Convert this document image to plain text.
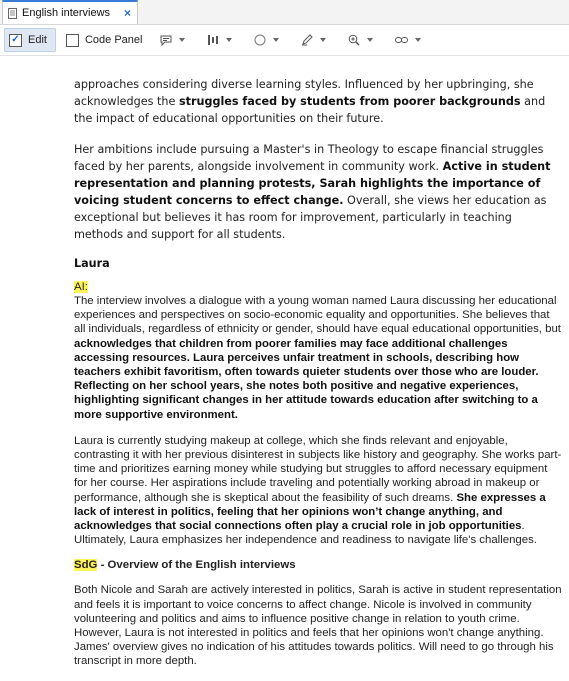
English interviews ×
✓ Edit	Code Panel

approaches considering diverse learning styles. Influenced by her upbringing, she acknowledges the struggles faced by students from poorer backgrounds and the impact of educational opportunities on their future.

Her ambitions include pursuing a Master's in Theology to escape financial struggles faced by her parents, alongside involvement in community work. Active in student representation and planning protests, Sarah highlights the importance of voicing student concerns to effect change. Overall, she views her education as exceptional but believes it has room for improvement, particularly in teaching methods and support for all students.

Laura
AI:

The interview involves a dialogue with a young woman named Laura discussing her educational experiences and perspectives on socio-economic equality and opportunities. She believes that all individuals, regardless of ethnicity or gender, should have equal educational opportunities, but acknowledges that children from poorer families may face additional challenges accessing resources. Laura perceives unfair treatment in schools, describing how teachers exhibit favoritism, often towards quieter students over those who are louder. Reflecting on her school years, she notes both positive and negative experiences, highlighting significant changes in her attitude towards education after switching to a more supportive environment.

Laura is currently studying makeup at college, which she finds relevant and enjoyable, contrasting it with her previous disinterest in subjects like history and geography. She works part-time and prioritizes earning money while studying but struggles to afford necessary equipment for her course. Her aspirations include traveling and potentially working abroad in makeup or performance, although she is skeptical about the feasibility of such dreams. She expresses a lack of interest in politics, feeling that her opinions won’t change anything, and acknowledges that social connections often play a crucial role in job opportunities. Ultimately, Laura emphasizes her independence and readiness to navigate life's challenges.

SdG - Overview of the English interviews

Both Nicole and Sarah are actively interested in politics, Sarah is active in student representation and feels it is important to voice concerns to affect change. Nicole is involved in community volunteering and politics and aims to influence positive change in relation to youth crime. However, Laura is not interested in politics and feels that her opinions won't change anything. James' overview gives no indication of his attitudes towards politics. Will need to go through his transcript in more depth.
